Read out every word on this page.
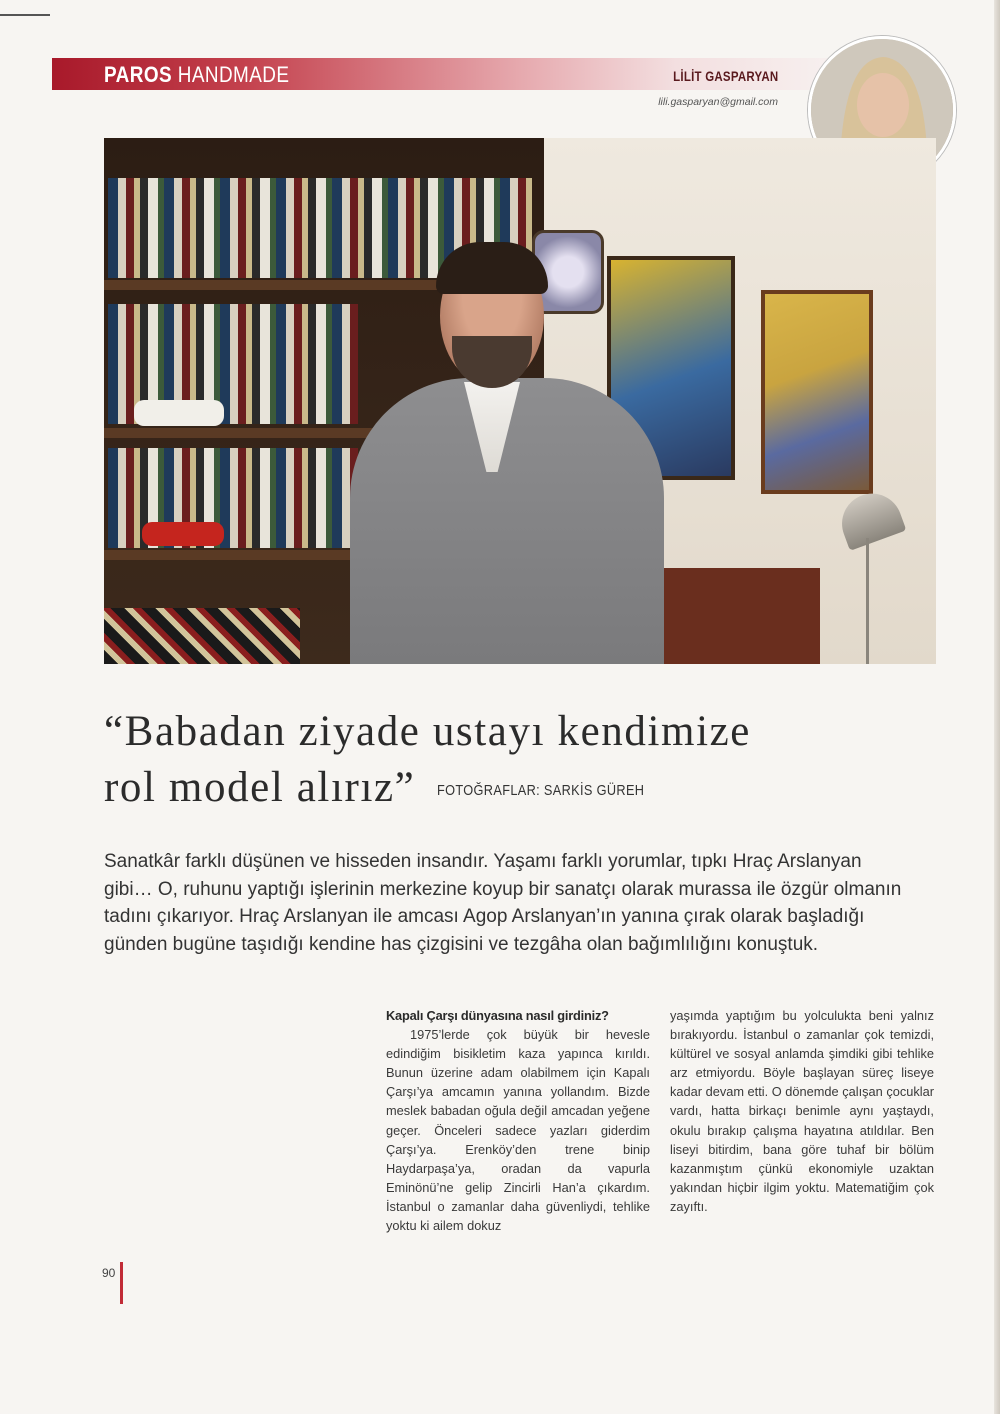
PAROS HANDMADE	LİLİT GASPARYAN
lili.gasparyan@gmail.com
“Babadan ziyade ustayı kendimize
rol model alırız” FOTOĞRAFLAR: SARKİS GÜREH
Sanatkâr farklı düşünen ve hisseden insandır. Yaşamı farklı yorumlar, tıpkı Hraç Arslanyan gibi… O, ruhunu yaptığı işlerinin merkezine koyup bir sanatçı olarak murassa ile özgür olmanın tadını çıkarıyor. Hraç Arslanyan ile amcası Agop Arslanyan’ın yanına çırak olarak başladığı günden bugüne taşıdığı kendine has çizgisini ve tezgâha olan bağımlılığını konuştuk.
Kapalı Çarşı dünyasına nasıl girdiniz?
1975’lerde çok büyük bir hevesle edindiğim bisikletim kaza yapınca kırıldı. Bunun üzerine adam olabilmem için Kapalı Çarşı’ya amcamın yanına yollandım. Bizde meslek babadan oğula değil amcadan yeğene geçer. Önceleri sadece yazları giderdim Çarşı’ya. Erenköy’den trene binip Haydarpaşa’ya, oradan da vapurla Eminönü’ne gelip Zincirli Han’a çıkardım. İstanbul o zamanlar daha güvenliydi, tehlike yoktu ki ailem dokuz
yaşımda yaptığım bu yolculukta beni yalnız bırakıyordu. İstanbul o zamanlar çok temizdi, kültürel ve sosyal anlamda şimdiki gibi tehlike arz etmiyordu. Böyle başlayan süreç liseye kadar devam etti. O dönemde çalışan çocuklar vardı, hatta birkaçı benimle aynı yaştaydı, okulu bırakıp çalışma hayatına atıldılar. Ben liseyi bitirdim, bana göre tuhaf bir bölüm kazanmıştım çünkü ekonomiyle uzaktan yakından hiçbir ilgim yoktu. Matematiğim çok zayıftı.
90
